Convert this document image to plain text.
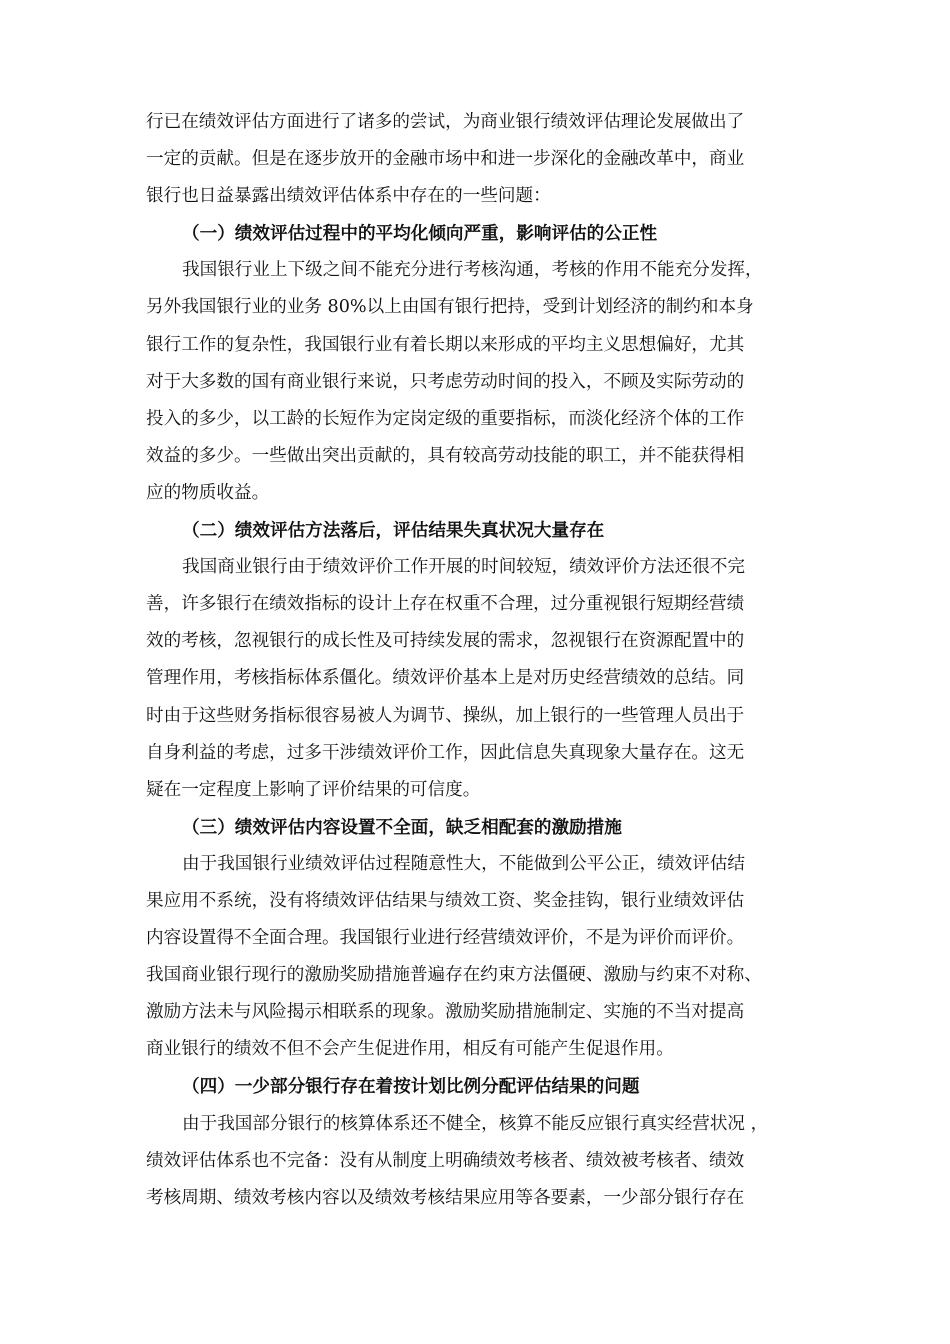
行已在绩效评估方面进行了诸多的尝试，为商业银行绩效评估理论发展做出了
一定的贡献。但是在逐步放开的金融市场中和进一步深化的金融改革中，商业
银行也日益暴露出绩效评估体系中存在的一些问题：
（一）绩效评估过程中的平均化倾向严重，影响评估的公正性
我国银行业上下级之间不能充分进行考核沟通，考核的作用不能充分发挥，
另外我国银行业的业务 80%以上由国有银行把持，受到计划经济的制约和本身
银行工作的复杂性，我国银行业有着长期以来形成的平均主义思想偏好，尤其
对于大多数的国有商业银行来说，只考虑劳动时间的投入，不顾及实际劳动的
投入的多少，以工龄的长短作为定岗定级的重要指标，而淡化经济个体的工作
效益的多少。一些做出突出贡献的，具有较高劳动技能的职工，并不能获得相
应的物质收益。
（二）绩效评估方法落后，评估结果失真状况大量存在
我国商业银行由于绩效评价工作开展的时间较短，绩效评价方法还很不完
善，许多银行在绩效指标的设计上存在权重不合理，过分重视银行短期经营绩
效的考核，忽视银行的成长性及可持续发展的需求，忽视银行在资源配置中的
管理作用，考核指标体系僵化。绩效评价基本上是对历史经营绩效的总结。同
时由于这些财务指标很容易被人为调节、操纵，加上银行的一些管理人员出于
自身利益的考虑，过多干涉绩效评价工作，因此信息失真现象大量存在。这无
疑在一定程度上影响了评价结果的可信度。
（三）绩效评估内容设置不全面，缺乏相配套的激励措施
由于我国银行业绩效评估过程随意性大，不能做到公平公正，绩效评估结
果应用不系统，没有将绩效评估结果与绩效工资、奖金挂钩，银行业绩效评估
内容设置得不全面合理。我国银行业进行经营绩效评价，不是为评价而评价。
我国商业银行现行的激励奖励措施普遍存在约束方法僵硬、激励与约束不对称、
激励方法未与风险揭示相联系的现象。激励奖励措施制定、实施的不当对提高
商业银行的绩效不但不会产生促进作用，相反有可能产生促退作用。
（四）一少部分银行存在着按计划比例分配评估结果的问题
由于我国部分银行的核算体系还不健全，核算不能反应银行真实经营状况 ，
绩效评估体系也不完备：没有从制度上明确绩效考核者、绩效被考核者、绩效
考核周期、绩效考核内容以及绩效考核结果应用等各要素，一少部分银行存在
